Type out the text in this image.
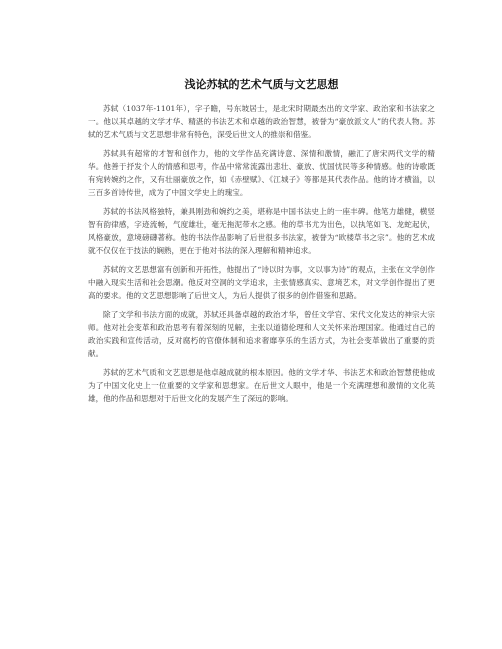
浅论苏轼的艺术气质与文艺思想

苏轼（1037年-1101年），字子瞻，号东坡居士，是北宋时期最杰出的文学家、政治家和书法家之一。他以其卓越的文学才华、精湛的书法艺术和卓越的政治智慧，被誉为“豪放派文人”的代表人物。苏轼的艺术气质与文艺思想非常有特色，深受后世文人的推崇和借鉴。

苏轼具有超常的才智和创作力，他的文学作品充满诗意、深情和激情，融汇了唐宋两代文学的精华。他善于抒发个人的情感和思考，作品中常常流露出悲壮、豪放、忧国忧民等多种情感。他的诗歌既有宛转婉约之作，又有壮丽豪放之作，如《赤壁赋》、《江城子》等都是其代表作品。他的诗才横溢，以三百多首诗传世，成为了中国文学史上的瑰宝。

苏轼的书法风格独特，兼具刚劲和婉约之美，堪称是中国书法史上的一座丰碑。他笔力雄健，横竖智有韵律感，字迹流畅，气度雄壮，毫无拖泥带水之感。他的草书尤为出色，以执笔如飞、龙蛇起伏，风格豪放，意境磅礴著称。他的书法作品影响了后世很多书法家，被誉为“欧楼草书之宗”。他的艺术成就不仅仅在于技法的娴熟，更在于他对书法的深入理解和精神追求。

苏轼的文艺思想富有创新和开拓性，他提出了“诗以时为事，文以事为诗”的观点，主张在文学创作中融入现实生活和社会思潮。他反对空洞的文学追求，主张情感真实、意境艺术，对文学创作提出了更高的要求。他的文艺思想影响了后世文人，为后人提供了很多的创作借鉴和思路。

除了文学和书法方面的成就，苏轼还具备卓越的政治才华，曾任文学官、宋代文化发达的神宗大宗师。他对社会变革和政治思考有着深刻的见解，主张以道德伦理和人文关怀来治理国家。他通过自己的政治实践和宣传活动，反对腐朽的官僚体制和追求奢靡享乐的生活方式，为社会变革做出了重要的贡献。

苏轼的艺术气质和文艺思想是他卓越成就的根本原因。他的文学才华、书法艺术和政治智慧使他成为了中国文化史上一位重要的文学家和思想家。在后世文人眼中，他是一个充满理想和激情的文化英雄，他的作品和思想对于后世文化的发展产生了深远的影响。
